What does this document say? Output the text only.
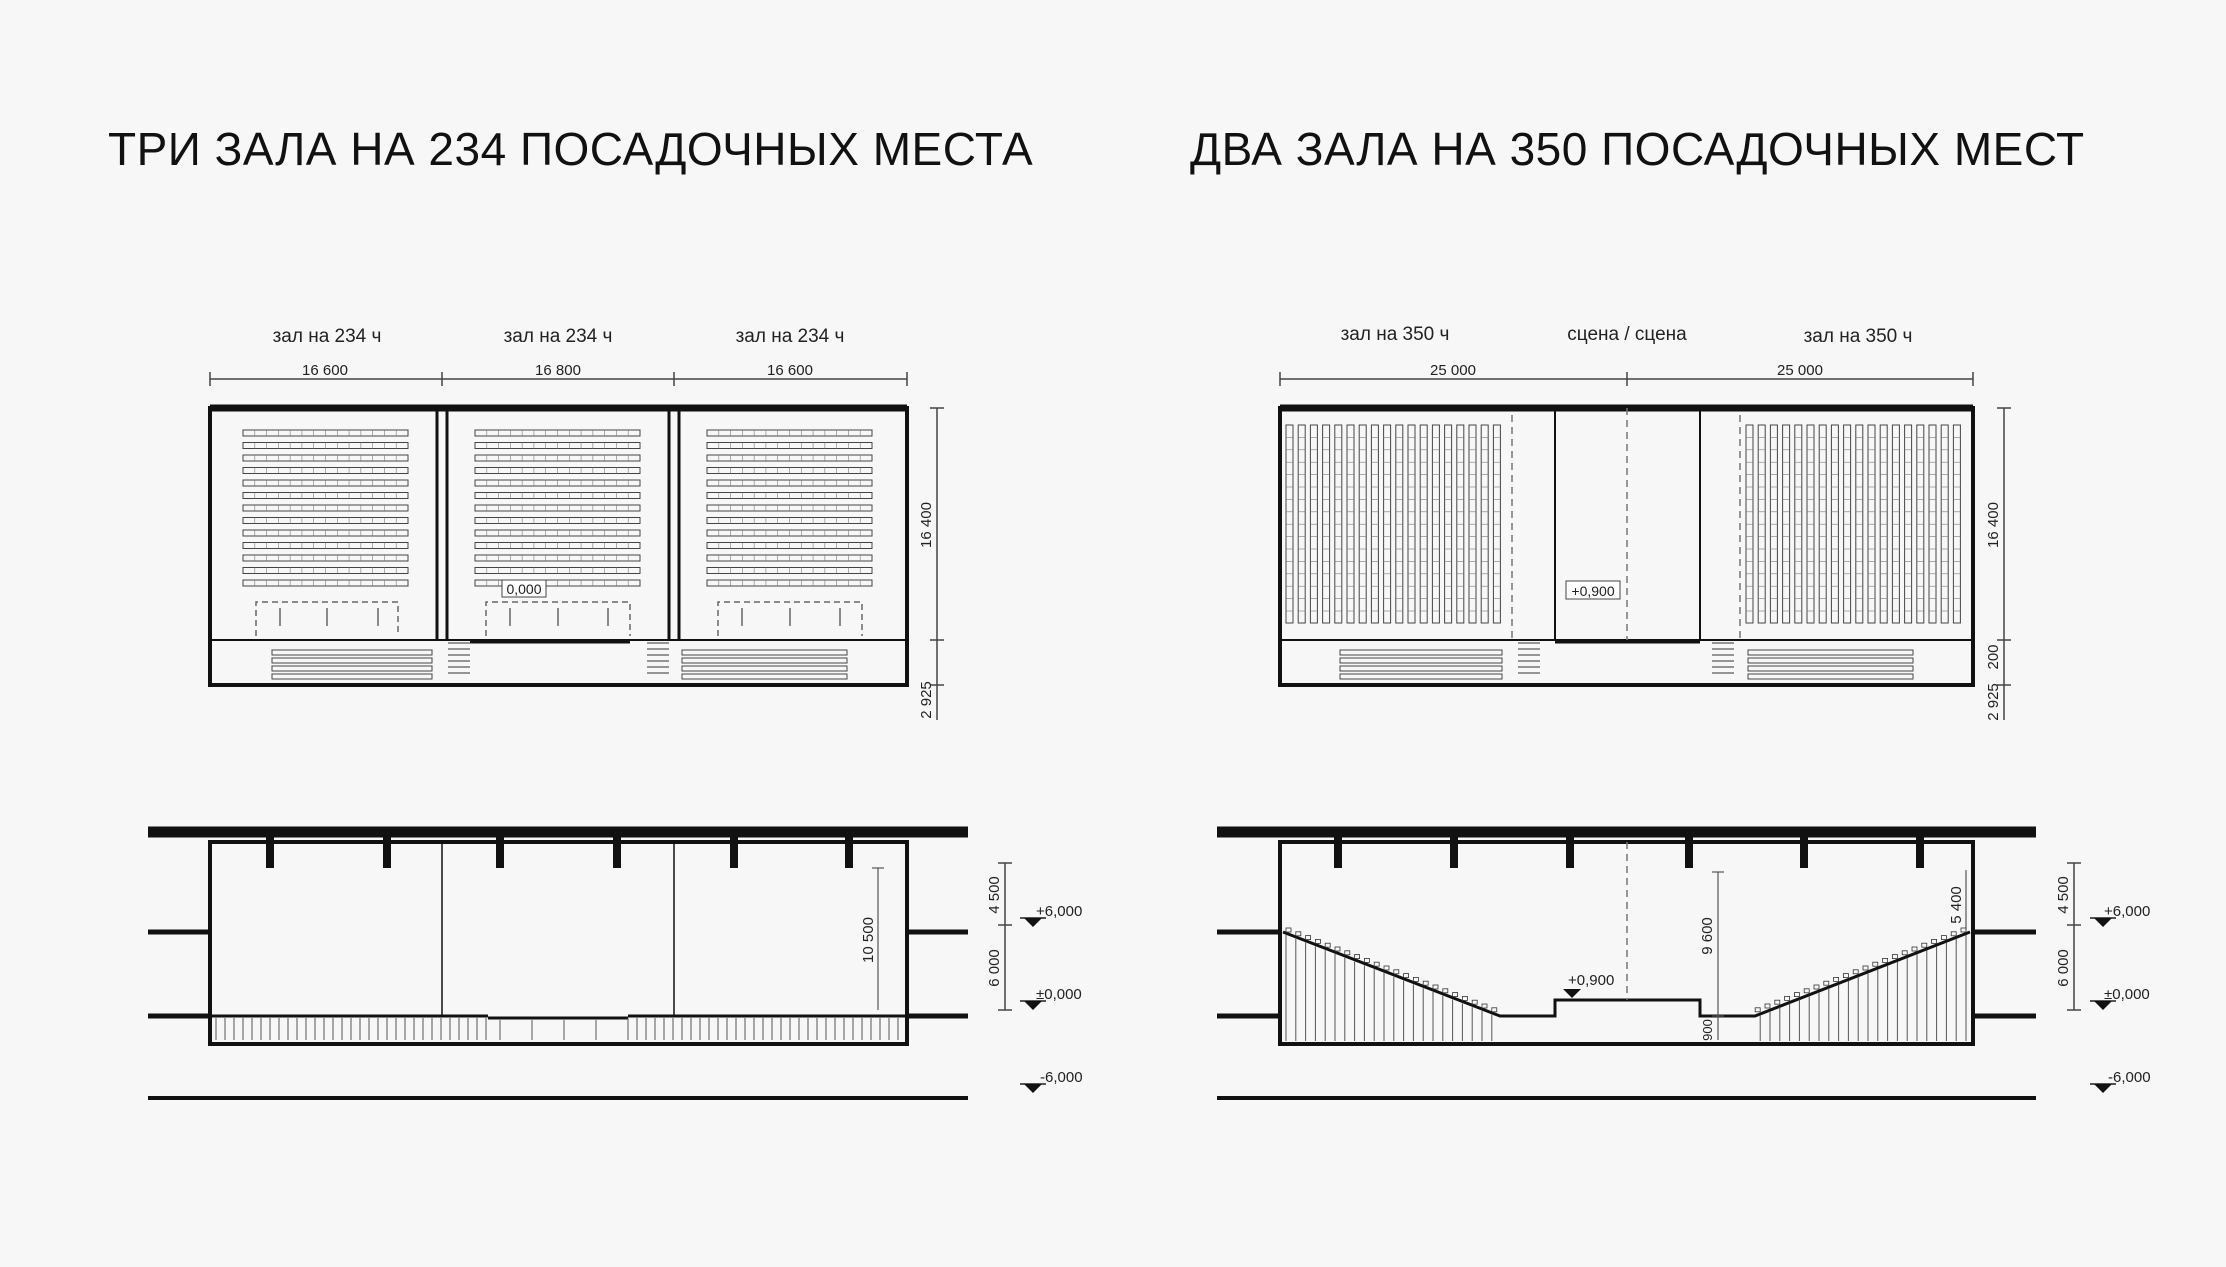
ТРИ ЗАЛА НА 234 ПОСАДОЧНЫХ МЕСТА	ДВА ЗАЛА НА 350 ПОСАДОЧНЫХ МЕСТ
зал на 234 ч	зал на 234 ч	зал на 234 ч
16 600	16 800	16 600
0,000
16 400
2 925
зал на 350 ч	сцена / сцена	зал на 350 ч
25 000	25 000
+0,900
16 400
200
2 925
10 500
4 500
6 000
+6,000
±0,000
-6,000
+0,900
9 600
900
5 400	4 500
6 000
+6,000
±0,000
-6,000
